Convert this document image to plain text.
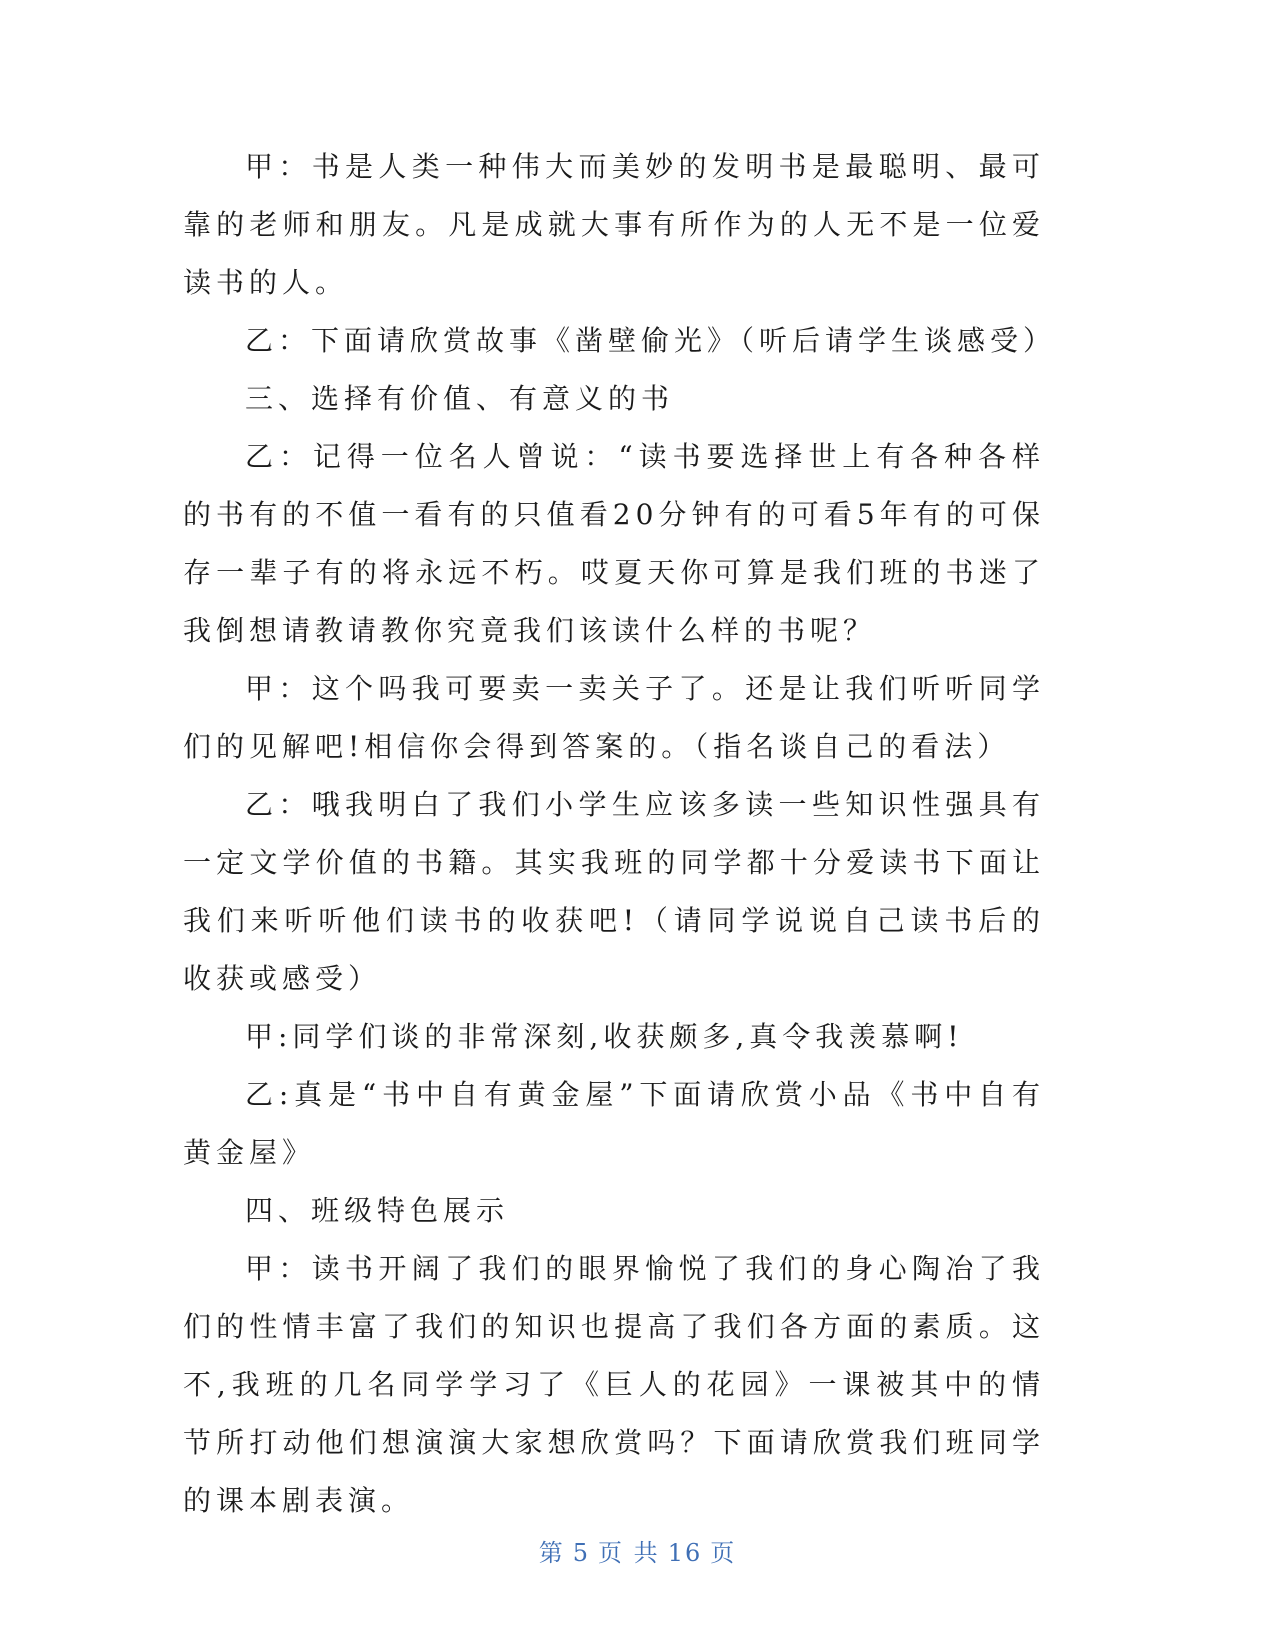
甲：书是人类一种伟大而美妙的发明书是最聪明、最可靠的老师和朋友。凡是成就大事有所作为的人无不是一位爱读书的人。

乙：下面请欣赏故事《凿壁偷光》（听后请学生谈感受）

三、选择有价值、有意义的书

乙：记得一位名人曾说：“读书要选择世上有各种各样的书有的不值一看有的只值看20分钟有的可看5年有的可保存一辈子有的将永远不朽。哎夏天你可算是我们班的书迷了我倒想请教请教你究竟我们该读什么样的书呢？

甲：这个吗我可要卖一卖关子了。还是让我们听听同学们的见解吧!相信你会得到答案的。（指名谈自己的看法）

乙：哦我明白了我们小学生应该多读一些知识性强具有一定文学价值的书籍。其实我班的同学都十分爱读书下面让我们来听听他们读书的收获吧!（请同学说说自己读书后的收获或感受）

甲:同学们谈的非常深刻,收获颇多,真令我羡慕啊!

乙:真是“书中自有黄金屋”下面请欣赏小品《书中自有黄金屋》

四、班级特色展示

甲：读书开阔了我们的眼界愉悦了我们的身心陶冶了我们的性情丰富了我们的知识也提高了我们各方面的素质。这不,我班的几名同学学习了《巨人的花园》一课被其中的情节所打动他们想演演大家想欣赏吗？下面请欣赏我们班同学的课本剧表演。

第 5 页 共 16 页
